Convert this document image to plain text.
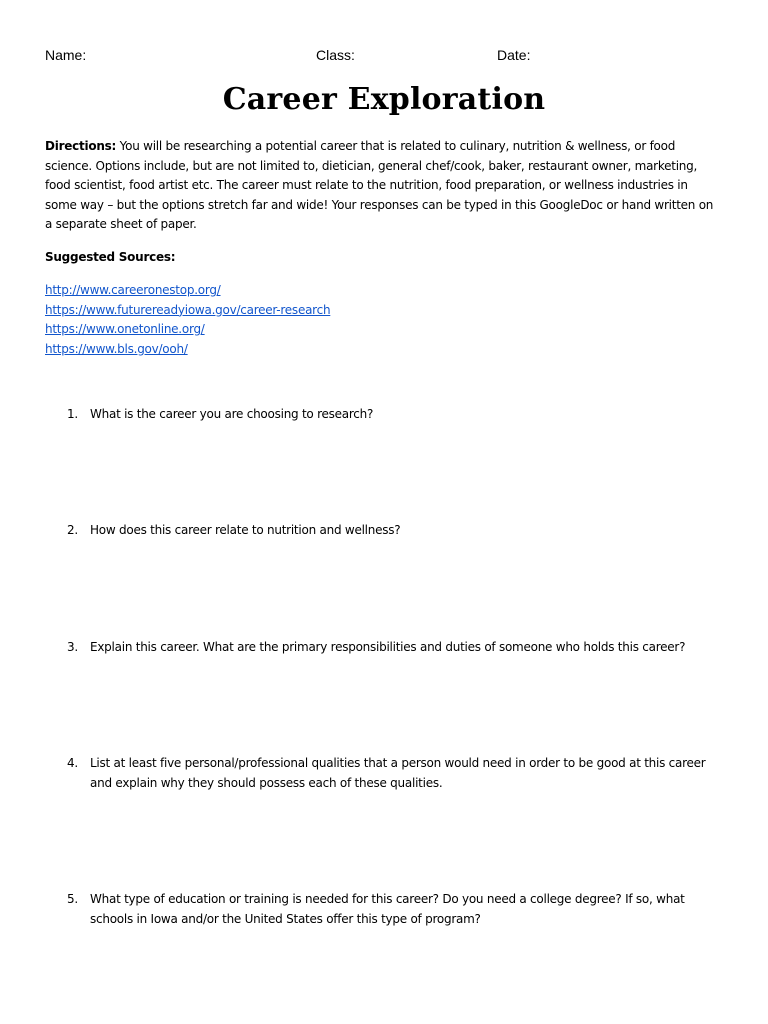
Name:	Class:	Date:
Career Exploration
Directions: You will be researching a potential career that is related to culinary, nutrition & wellness, or food science. Options include, but are not limited to, dietician, general chef/cook, baker, restaurant owner, marketing, food scientist, food artist etc. The career must relate to the nutrition, food preparation, or wellness industries in some way – but the options stretch far and wide! Your responses can be typed in this GoogleDoc or hand written on a separate sheet of paper.
Suggested Sources:
http://www.careeronestop.org/
https://www.futurereadyiowa.gov/career-research
https://www.onetonline.org/
https://www.bls.gov/ooh/
1. What is the career you are choosing to research?
2. How does this career relate to nutrition and wellness?
3. Explain this career. What are the primary responsibilities and duties of someone who holds this career?
4. List at least five personal/professional qualities that a person would need in order to be good at this career and explain why they should possess each of these qualities.
5. What type of education or training is needed for this career? Do you need a college degree? If so, what schools in Iowa and/or the United States offer this type of program?
